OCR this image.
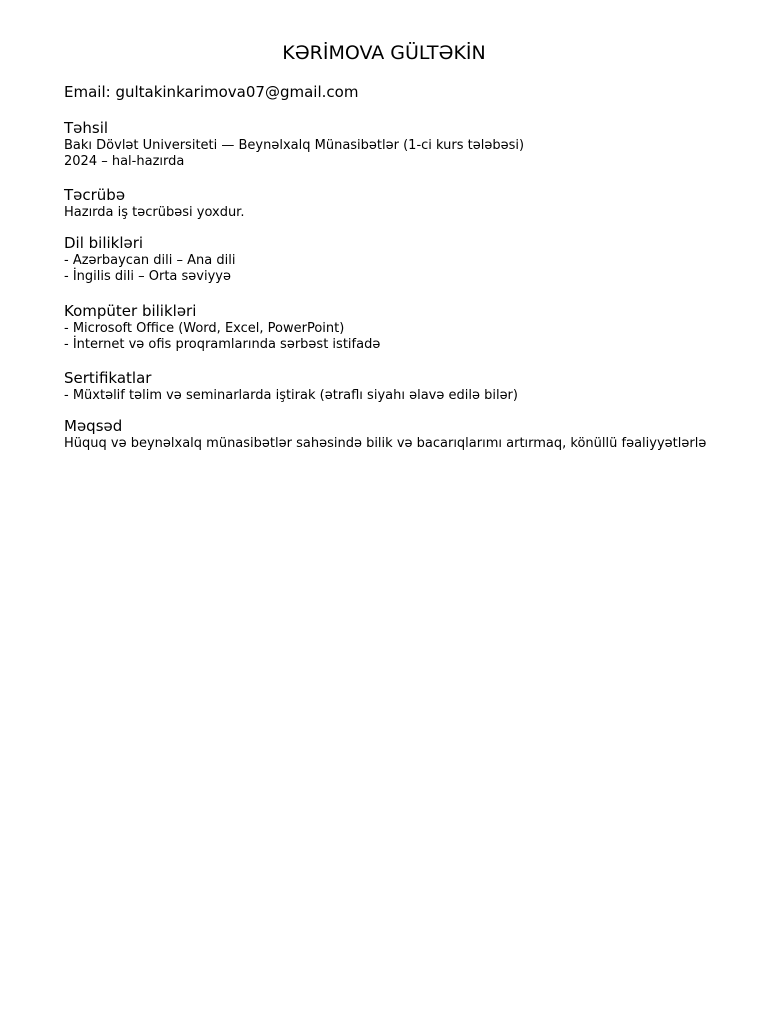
KƏRİMOVA GÜLTƏKİN
Email: gultakinkarimova07@gmail.com
Təhsil
Bakı Dövlət Universiteti — Beynəlxalq Münasibətlər (1-ci kurs tələbəsi)
2024 – hal-hazırda
Təcrübə
Hazırda iş təcrübəsi yoxdur.
Dil bilikləri
- Azərbaycan dili – Ana dili
- İngilis dili – Orta səviyyə
Kompüter bilikləri
- Microsoft Office (Word, Excel, PowerPoint)
- İnternet və ofis proqramlarında sərbəst istifadə
Sertifikatlar
- Müxtəlif təlim və seminarlarda iştirak (ətraflı siyahı əlavə edilə bilər)
Məqsəd
Hüquq və beynəlxalq münasibətlər sahəsində bilik və bacarıqlarımı artırmaq, könüllü fəaliyyətlərlə
